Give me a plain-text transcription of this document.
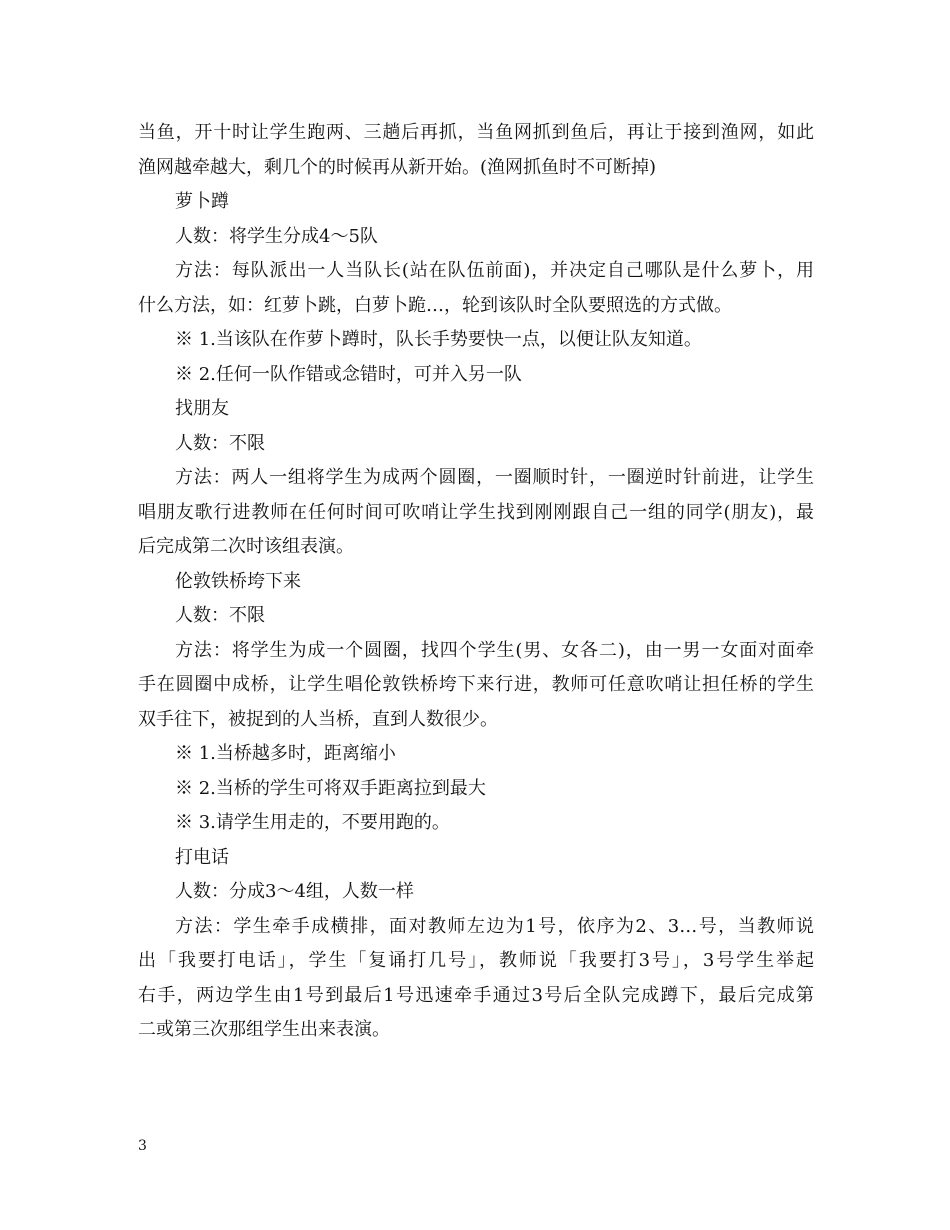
当鱼，开十时让学生跑两、三趟后再抓，当鱼网抓到鱼后，再让于接到渔网，如此
渔网越牵越大，剩几个的时候再从新开始。(渔网抓鱼时不可断掉)
萝卜蹲
人数：将学生分成4～5队
方法：每队派出一人当队长(站在队伍前面)，并决定自己哪队是什么萝卜，用
什么方法，如：红萝卜跳，白萝卜跪…，轮到该队时全队要照选的方式做。
※ 1.当该队在作萝卜蹲时，队长手势要快一点，以便让队友知道。
※ 2.任何一队作错或念错时，可并入另一队
找朋友
人数：不限
方法：两人一组将学生为成两个圆圈，一圈顺时针，一圈逆时针前进，让学生
唱朋友歌行进教师在任何时间可吹哨让学生找到刚刚跟自己一组的同学(朋友)，最
后完成第二次时该组表演。
伦敦铁桥垮下来
人数：不限
方法：将学生为成一个圆圈，找四个学生(男、女各二)，由一男一女面对面牵
手在圆圈中成桥，让学生唱伦敦铁桥垮下来行进，教师可任意吹哨让担任桥的学生
双手往下，被捉到的人当桥，直到人数很少。
※ 1.当桥越多时，距离缩小
※ 2.当桥的学生可将双手距离拉到最大
※ 3.请学生用走的，不要用跑的。
打电话
人数：分成3～4组，人数一样
方法：学生牵手成横排，面对教师左边为1号，依序为2、3…号，当教师说
出「我要打电话」，学生「复诵打几号」，教师说「我要打3号」，3号学生举起
右手，两边学生由1号到最后1号迅速牵手通过3号后全队完成蹲下，最后完成第
二或第三次那组学生出来表演。
3
